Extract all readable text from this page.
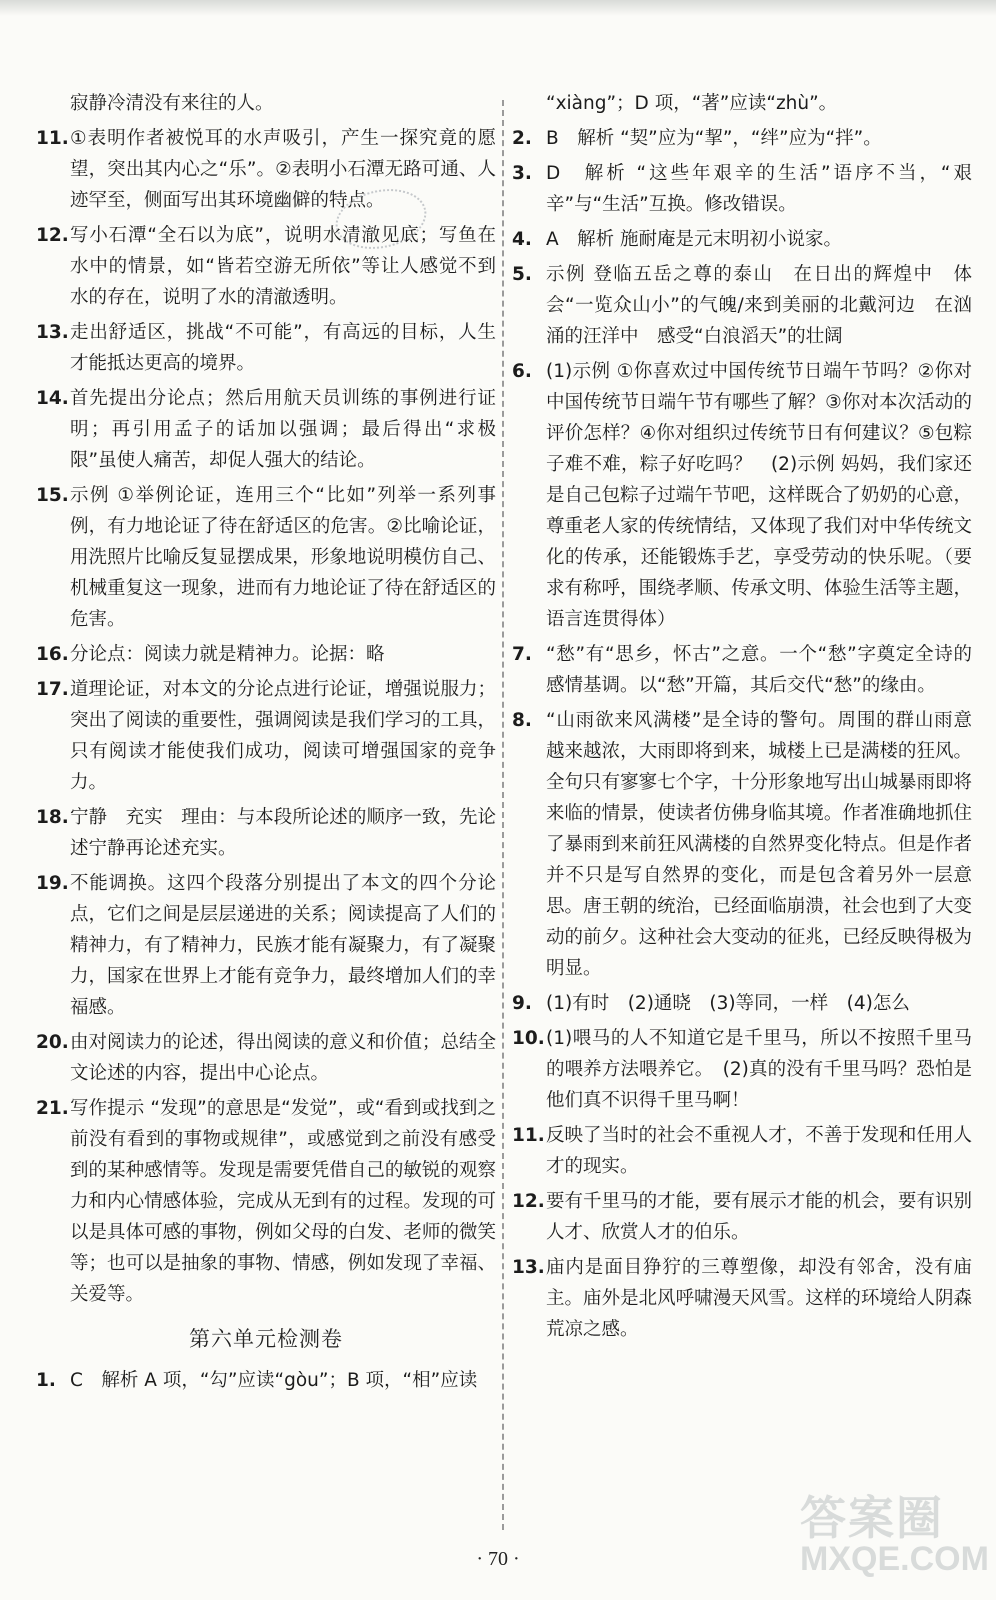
寂静冷清没有来往的人。
11. ①表明作者被悦耳的水声吸引，产生一探究竟的愿望，突出其内心之“乐”。②表明小石潭无路可通、人迹罕至，侧面写出其环境幽僻的特点。
12. 写小石潭“全石以为底”，说明水清澈见底；写鱼在水中的情景，如“皆若空游无所依”等让人感觉不到水的存在，说明了水的清澈透明。
13. 走出舒适区，挑战“不可能”，有高远的目标，人生才能抵达更高的境界。
14. 首先提出分论点；然后用航天员训练的事例进行证明；再引用孟子的话加以强调；最后得出“求极限”虽使人痛苦，却促人强大的结论。
15. 示例 ①举例论证，连用三个“比如”列举一系列事例，有力地论证了待在舒适区的危害。②比喻论证，用洗照片比喻反复显摆成果，形象地说明模仿自己、机械重复这一现象，进而有力地论证了待在舒适区的危害。
16. 分论点：阅读力就是精神力。论据：略
17. 道理论证，对本文的分论点进行论证，增强说服力；突出了阅读的重要性，强调阅读是我们学习的工具，只有阅读才能使我们成功，阅读可增强国家的竞争力。
18. 宁静　充实　理由：与本段所论述的顺序一致，先论述宁静再论述充实。
19. 不能调换。这四个段落分别提出了本文的四个分论点，它们之间是层层递进的关系；阅读提高了人们的精神力，有了精神力，民族才能有凝聚力，有了凝聚力，国家在世界上才能有竞争力，最终增加人们的幸福感。
20. 由对阅读力的论述，得出阅读的意义和价值；总结全文论述的内容，提出中心论点。
21. 写作提示 “发现”的意思是“发觉”，或“看到或找到之前没有看到的事物或规律”，或感觉到之前没有感受到的某种感情等。发现是需要凭借自己的敏锐的观察力和内心情感体验，完成从无到有的过程。发现的可以是具体可感的事物，例如父母的白发、老师的微笑等；也可以是抽象的事物、情感，例如发现了幸福、关爱等。
第六单元检测卷
1. C　解析 A 项，“勾”应读“gòu”；B 项，“相”应读

“xiàng”；D 项，“著”应读“zhù”。
2. B　解析 “契”应为“挈”，“绊”应为“拌”。
3. D　解析 “这些年艰辛的生活”语序不当，“艰辛”与“生活”互换。修改错误。
4. A　解析 施耐庵是元末明初小说家。
5. 示例 登临五岳之尊的泰山　在日出的辉煌中　体会“一览众山小”的气魄/来到美丽的北戴河边　在汹涌的汪洋中　感受“白浪滔天”的壮阔
6. (1)示例 ①你喜欢过中国传统节日端午节吗？②你对中国传统节日端午节有哪些了解？③你对本次活动的评价怎样？④你对组织过传统节日有何建议？⑤包粽子难不难，粽子好吃吗？　(2)示例 妈妈，我们家还是自己包粽子过端午节吧，这样既合了奶奶的心意，尊重老人家的传统情结，又体现了我们对中华传统文化的传承，还能锻炼手艺，享受劳动的快乐呢。（要求有称呼，围绕孝顺、传承文明、体验生活等主题，语言连贯得体）
7. “愁”有“思乡，怀古”之意。一个“愁”字奠定全诗的感情基调。以“愁”开篇，其后交代“愁”的缘由。
8. “山雨欲来风满楼”是全诗的警句。周围的群山雨意越来越浓，大雨即将到来，城楼上已是满楼的狂风。全句只有寥寥七个字，十分形象地写出山城暴雨即将来临的情景，使读者仿佛身临其境。作者准确地抓住了暴雨到来前狂风满楼的自然界变化特点。但是作者并不只是写自然界的变化，而是包含着另外一层意思。唐王朝的统治，已经面临崩溃，社会也到了大变动的前夕。这种社会大变动的征兆，已经反映得极为明显。
9. (1)有时　(2)通晓　(3)等同，一样　(4)怎么
10. (1)喂马的人不知道它是千里马，所以不按照千里马的喂养方法喂养它。　(2)真的没有千里马吗？恐怕是他们真不识得千里马啊！
11. 反映了当时的社会不重视人才，不善于发现和任用人才的现实。
12. 要有千里马的才能，要有展示才能的机会，要有识别人才、欣赏人才的伯乐。
13. 庙内是面目狰狞的三尊塑像，却没有邻舍，没有庙主。庙外是北风呼啸漫天风雪。这样的环境给人阴森荒凉之感。
· 70 ·
答案圈
MXQE.COM
